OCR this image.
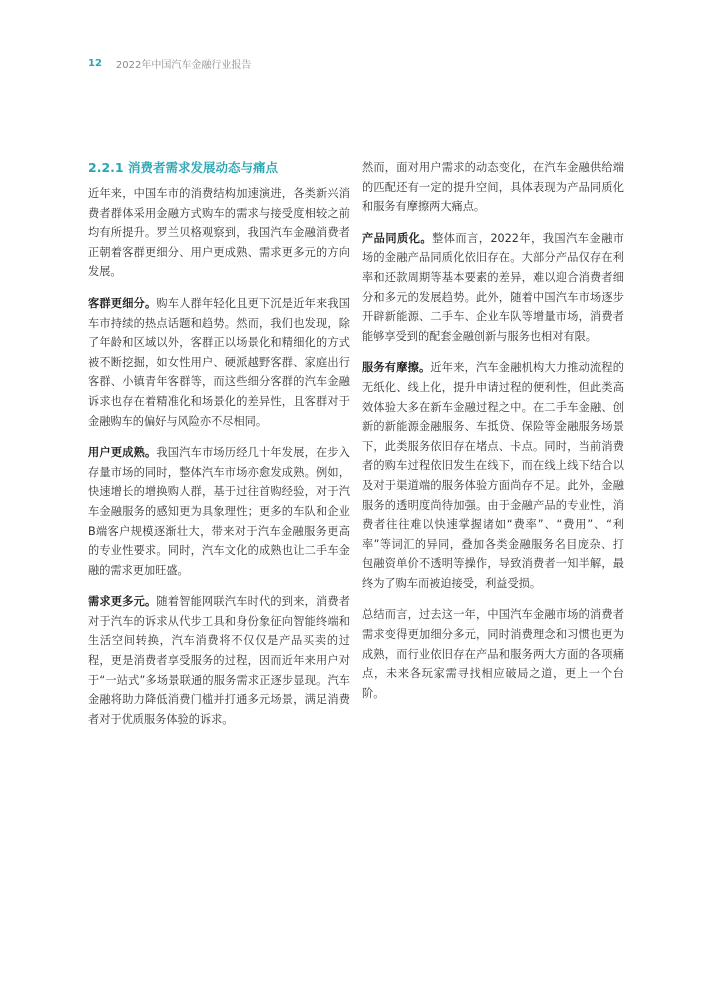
12 2022年中国汽车金融行业报告
2.2.1 消费者需求发展动态与痛点

近年来，中国车市的消费结构加速演进，各类新兴消费者群体采用金融方式购车的需求与接受度相较之前均有所提升。罗兰贝格观察到，我国汽车金融消费者正朝着客群更细分、用户更成熟、需求更多元的方向发展。

客群更细分。购车人群年轻化且更下沉是近年来我国车市持续的热点话题和趋势。然而，我们也发现，除了年龄和区域以外，客群正以场景化和精细化的方式被不断挖掘，如女性用户、硬派越野客群、家庭出行客群、小镇青年客群等，而这些细分客群的汽车金融诉求也存在着精准化和场景化的差异性，且客群对于金融购车的偏好与风险亦不尽相同。

用户更成熟。我国汽车市场历经几十年发展，在步入存量市场的同时，整体汽车市场亦愈发成熟。例如，快速增长的增换购人群，基于过往首购经验，对于汽车金融服务的感知更为具象理性；更多的车队和企业B端客户规模逐渐壮大，带来对于汽车金融服务更高的专业性要求。同时，汽车文化的成熟也让二手车金融的需求更加旺盛。

需求更多元。随着智能网联汽车时代的到来，消费者对于汽车的诉求从代步工具和身份象征向智能终端和生活空间转换，汽车消费将不仅仅是产品买卖的过程，更是消费者享受服务的过程，因而近年来用户对于“一站式”多场景联通的服务需求正逐步显现。汽车金融将助力降低消费门槛并打通多元场景，满足消费者对于优质服务体验的诉求。

然而，面对用户需求的动态变化，在汽车金融供给端的匹配还有一定的提升空间，具体表现为产品同质化和服务有摩擦两大痛点。

产品同质化。整体而言，2022年，我国汽车金融市场的金融产品同质化依旧存在。大部分产品仅存在利率和还款周期等基本要素的差异，难以迎合消费者细分和多元的发展趋势。此外，随着中国汽车市场逐步开辟新能源、二手车、企业车队等增量市场，消费者能够享受到的配套金融创新与服务也相对有限。

服务有摩擦。近年来，汽车金融机构大力推动流程的无纸化、线上化，提升申请过程的便利性，但此类高效体验大多在新车金融过程之中。在二手车金融、创新的新能源金融服务、车抵贷、保险等金融服务场景下，此类服务依旧存在堵点、卡点。同时，当前消费者的购车过程依旧发生在线下，而在线上线下结合以及对于渠道端的服务体验方面尚存不足。此外，金融服务的透明度尚待加强。由于金融产品的专业性，消费者往往难以快速掌握诸如“费率”、“费用”、“利率”等词汇的异同，叠加各类金融服务名目庞杂、打包融资单价不透明等操作，导致消费者一知半解，最终为了购车而被迫接受，利益受损。

总结而言，过去这一年，中国汽车金融市场的消费者需求变得更加细分多元，同时消费理念和习惯也更为成熟，而行业依旧存在产品和服务两大方面的各项痛点，未来各玩家需寻找相应破局之道，更上一个台阶。
